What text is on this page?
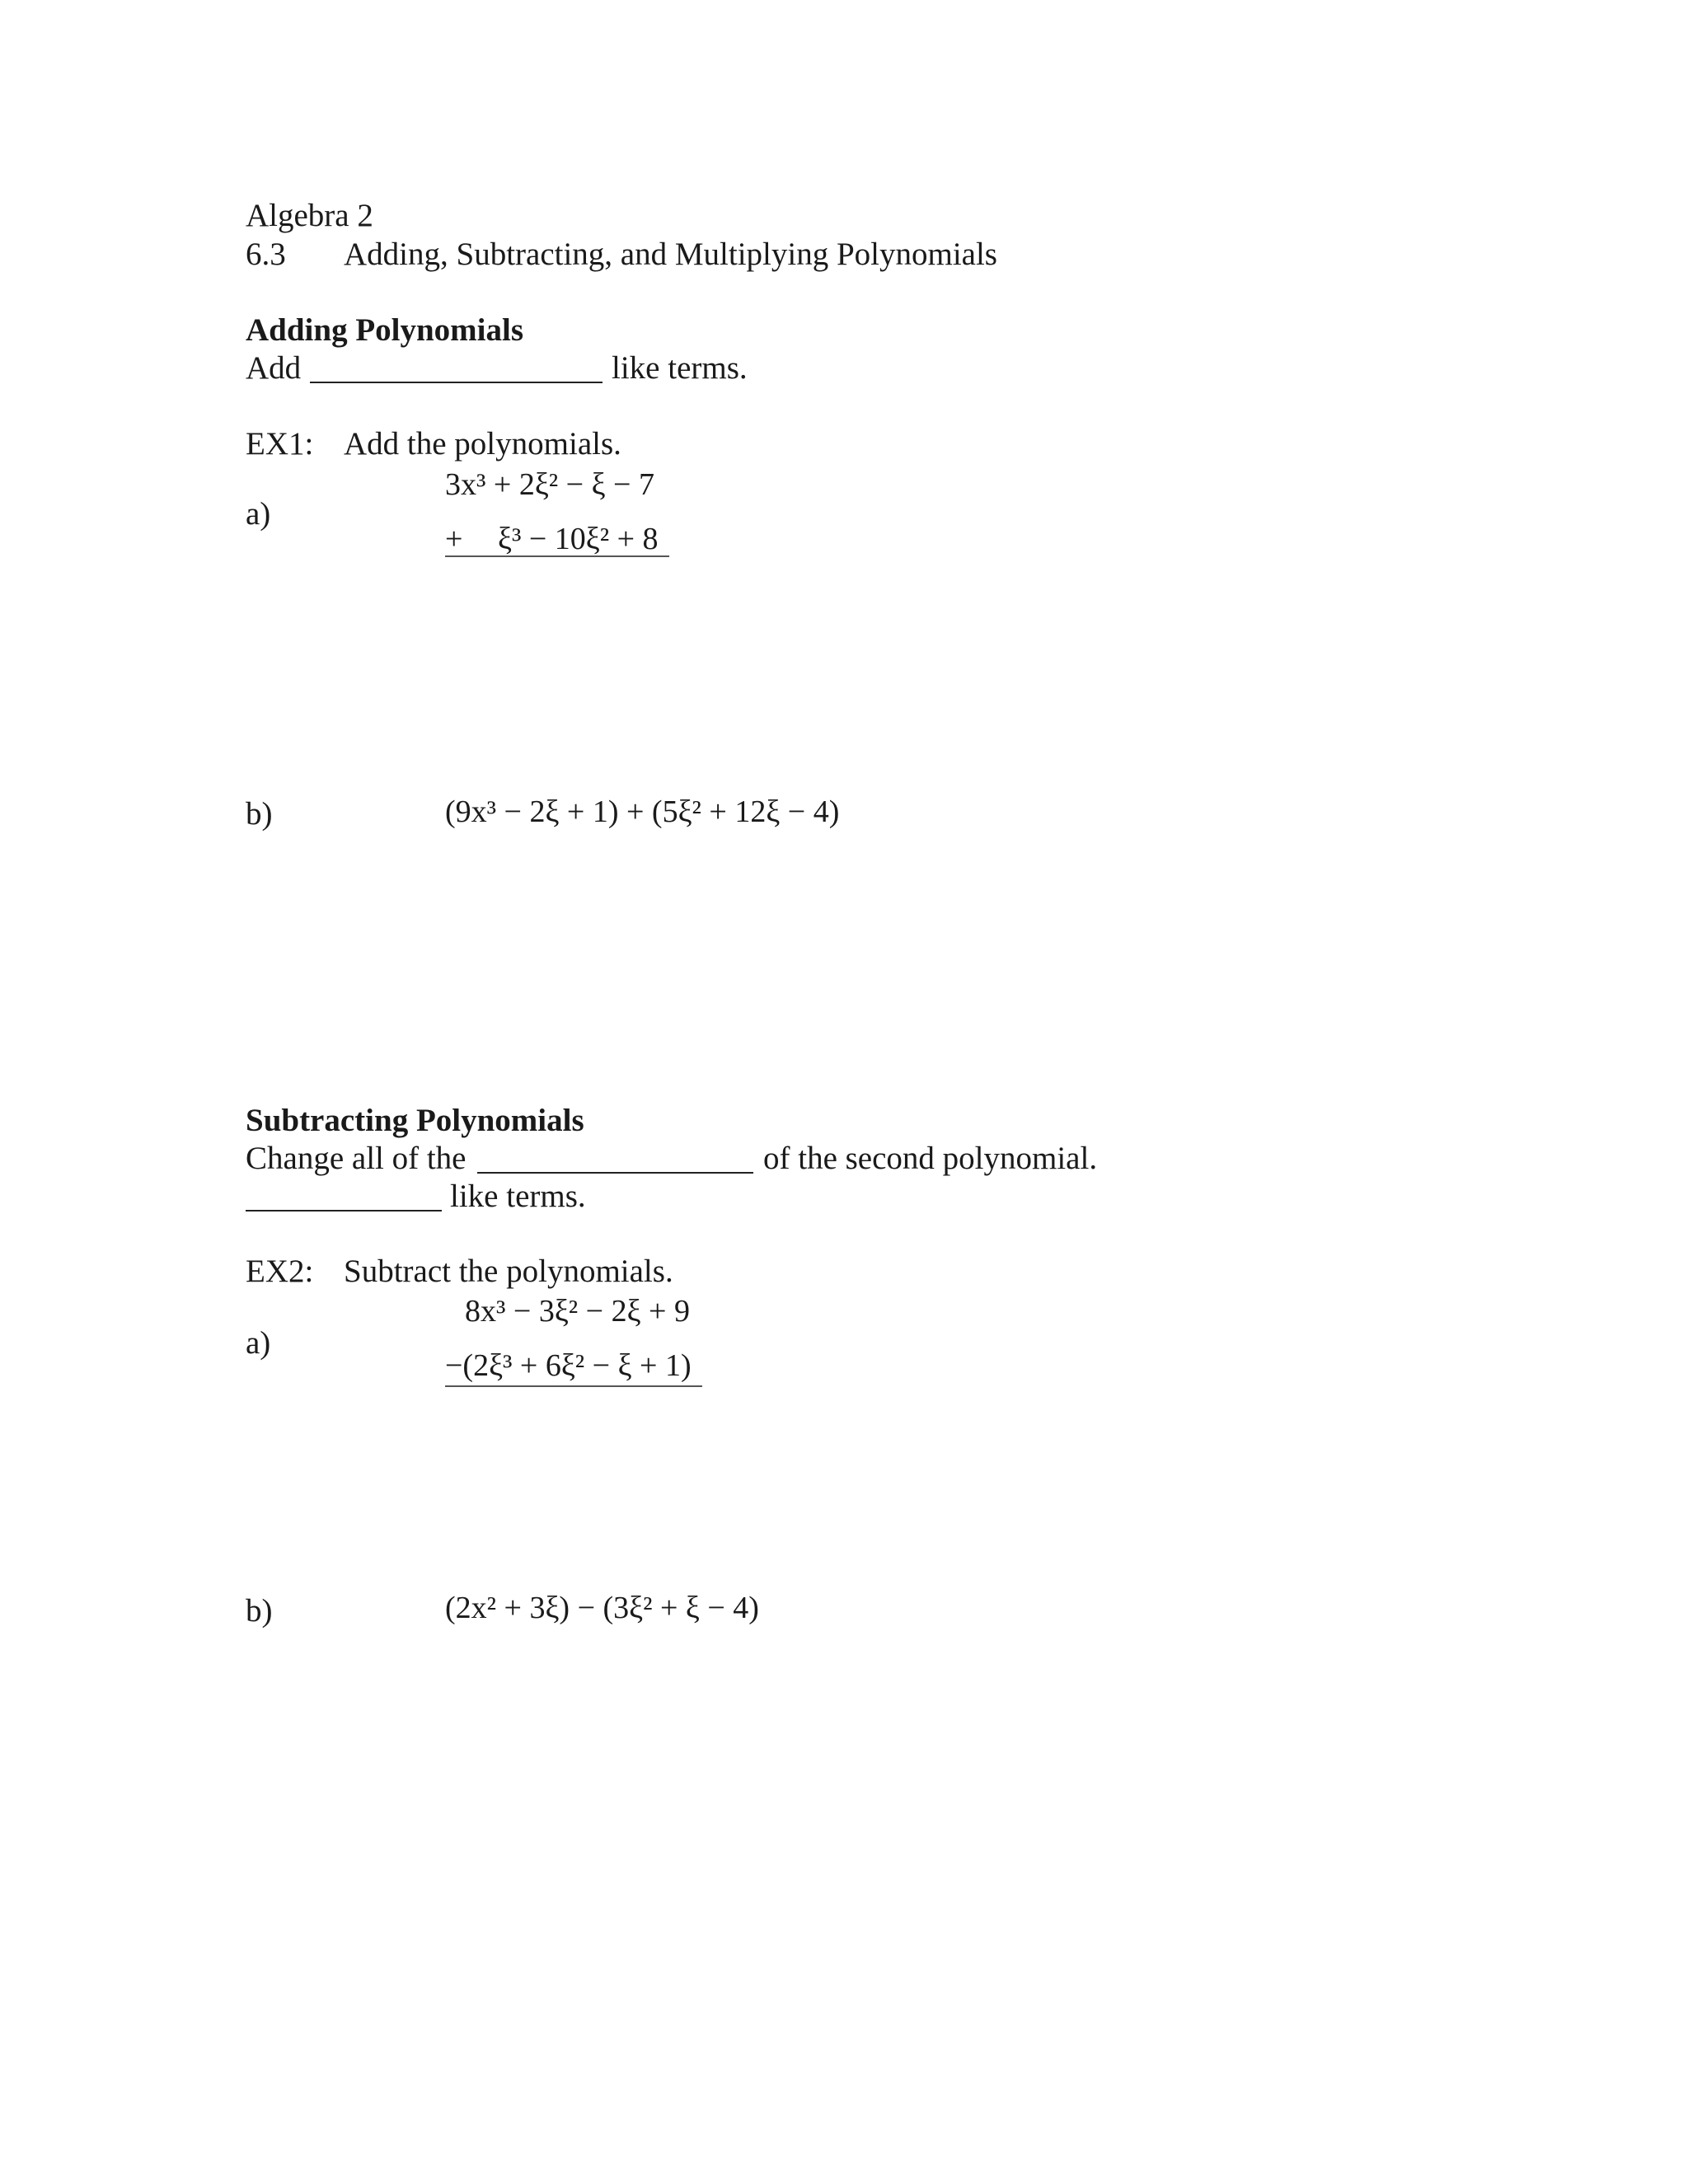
Algebra 2
6.3 Adding, Subtracting, and Multiplying Polynomials
Adding Polynomials
Add	like terms.
EX1: Add the polynomials.
a)
3x³ + 2ξ² − ξ − 7
+ ξ³ − 10ξ² + 8
b)	(9x³ − 2ξ + 1) + (5ξ² + 12ξ − 4)
Subtracting Polynomials
Change all of the	of the second polynomial.
like terms.
EX2: Subtract the polynomials.
a)
8x³ − 3ξ² − 2ξ + 9
−(2ξ³ + 6ξ² − ξ + 1)
b)	(2x² + 3ξ) − (3ξ² + ξ − 4)
